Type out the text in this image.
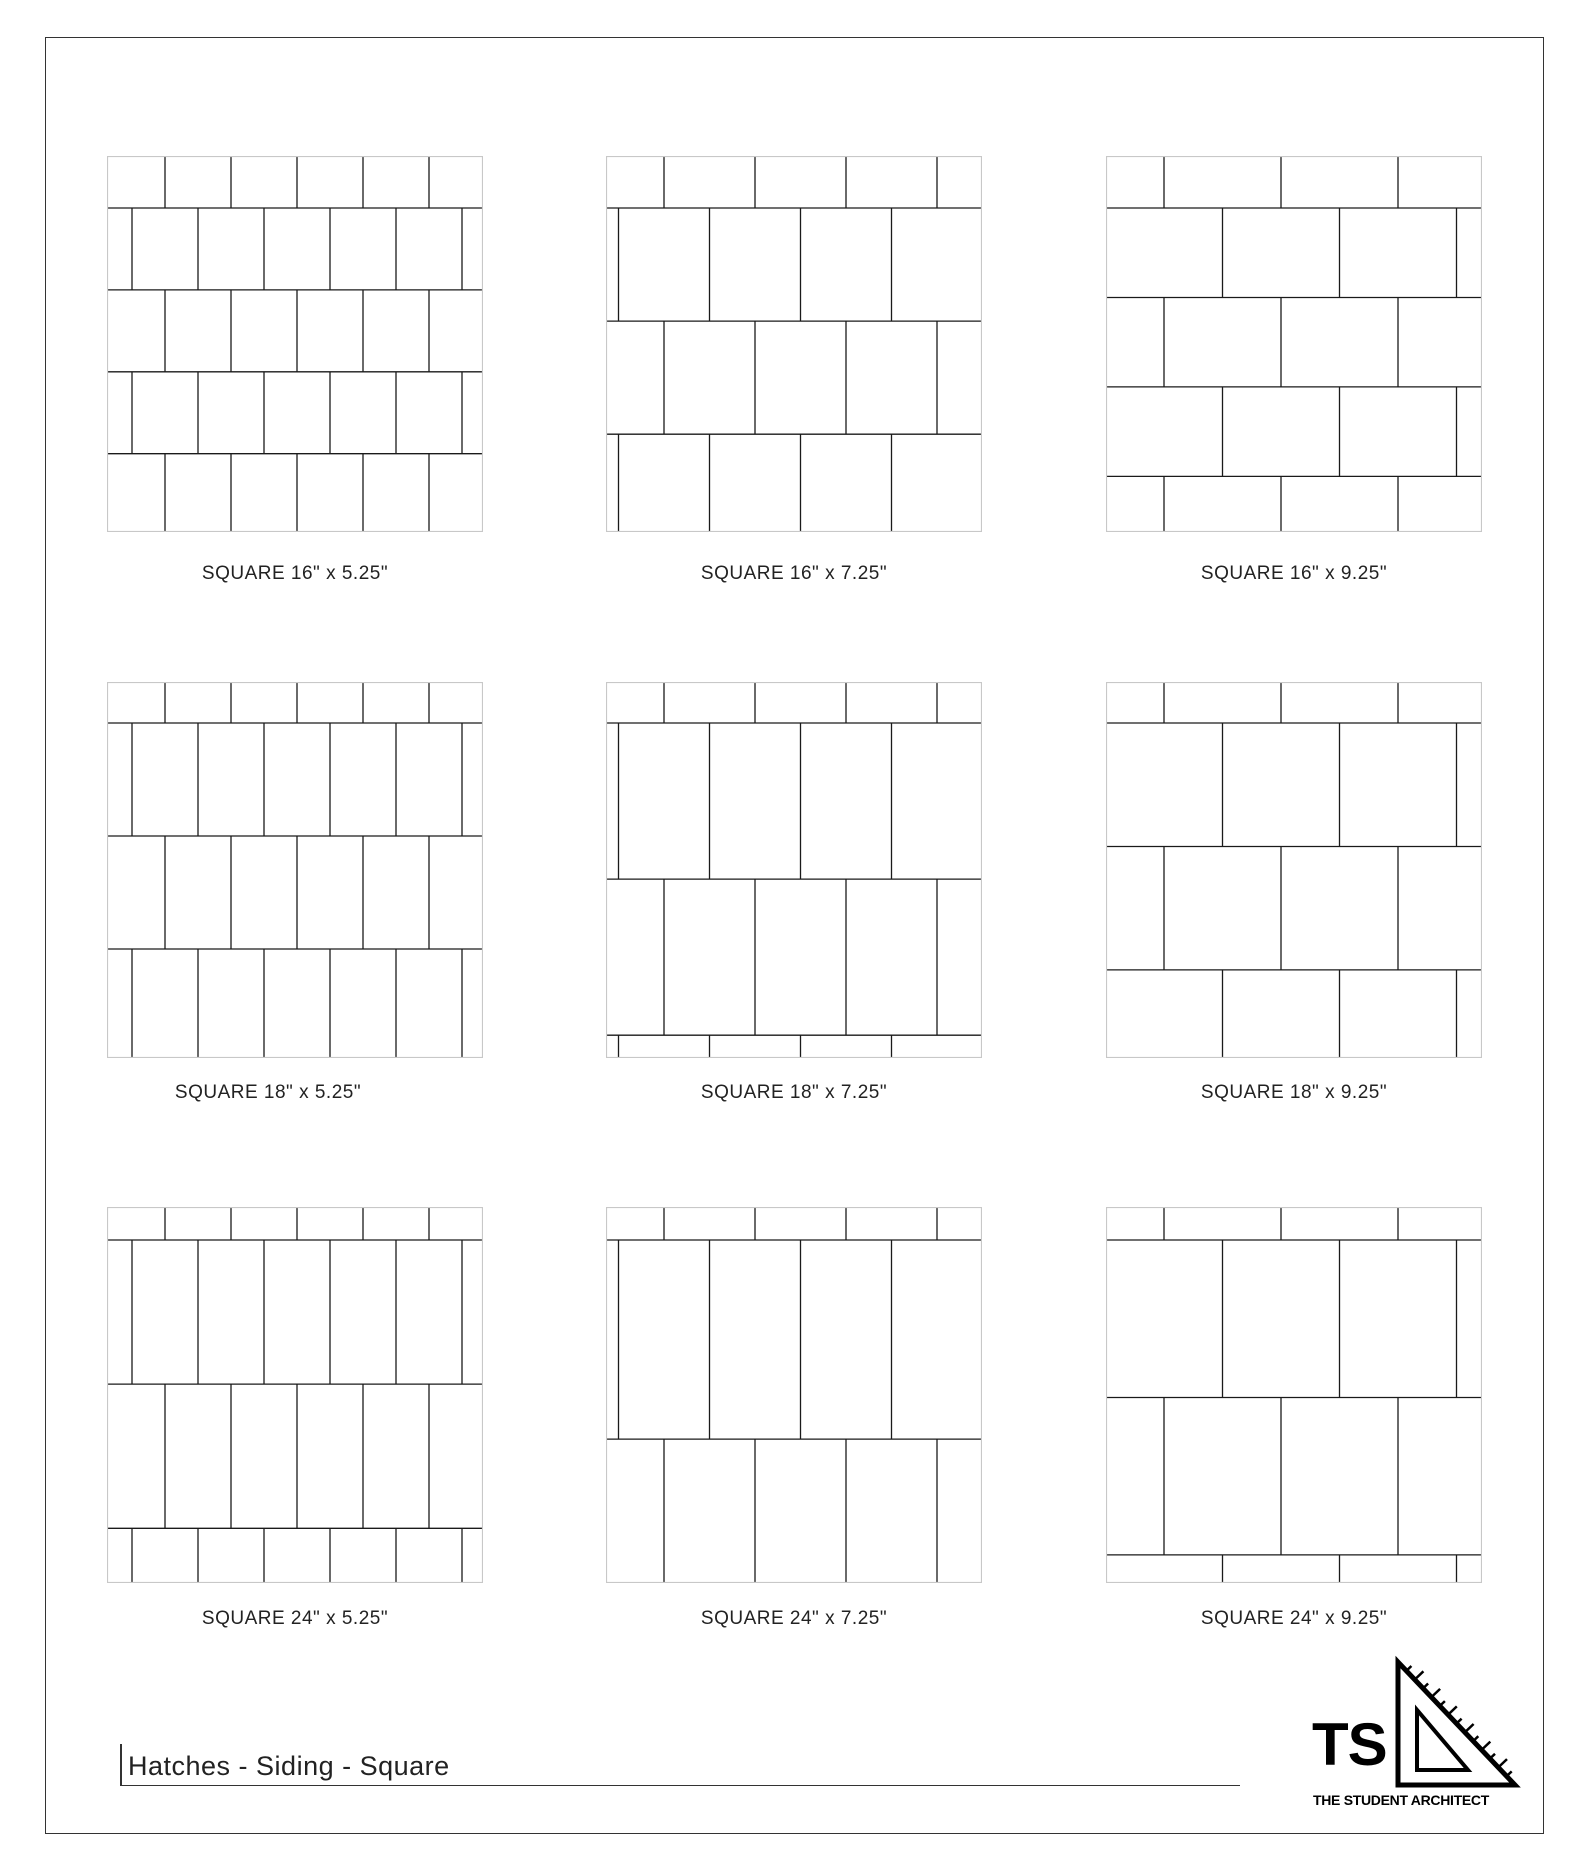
SQUARE 16" x 5.25"	SQUARE 16" x 7.25"	SQUARE 16" x 9.25"
SQUARE 18" x 5.25"	SQUARE 18" x 7.25"	SQUARE 18" x 9.25"
SQUARE 24" x 5.25"	SQUARE 24" x 7.25"	SQUARE 24" x 9.25"
Hatches - Siding - Square	TS
THE STUDENT ARCHITECT
